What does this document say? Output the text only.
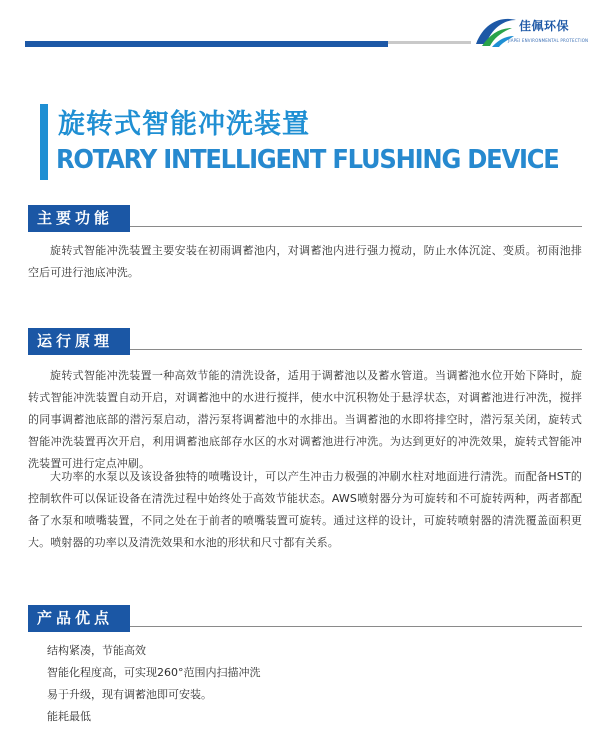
佳佩环保
JIAPEI ENVIRONMENTAL PROTECTION
旋转式智能冲洗装置
ROTARY INTELLIGENT FLUSHING DEVICE
主要功能
旋转式智能冲洗装置主要安装在初雨调蓄池内，对调蓄池内进行强力搅动，防止水体沉淀、变质。初雨池排空后可进行池底冲洗。
运行原理
旋转式智能冲洗装置一种高效节能的清洗设备，适用于调蓄池以及蓄水管道。当调蓄池水位开始下降时，旋转式智能冲洗装置自动开启，对调蓄池中的水进行搅拌，使水中沉积物处于悬浮状态，对调蓄池进行冲洗，搅拌的同事调蓄池底部的潜污泵启动，潜污泵将调蓄池中的水排出。当调蓄池的水即将排空时，潜污泵关闭，旋转式智能冲洗装置再次开启，利用调蓄池底部存水区的水对调蓄池进行冲洗。为达到更好的冲洗效果，旋转式智能冲洗装置可进行定点冲刷。
大功率的水泵以及该设备独特的喷嘴设计，可以产生冲击力极强的冲刷水柱对地面进行清洗。而配备HST的控制软件可以保证设备在清洗过程中始终处于高效节能状态。AWS喷射器分为可旋转和不可旋转两种，两者都配备了水泵和喷嘴装置，不同之处在于前者的喷嘴装置可旋转。通过这样的设计，可旋转喷射器的清洗覆盖面积更大。喷射器的功率以及清洗效果和水池的形状和尺寸都有关系。
产品优点
结构紧凑，节能高效
智能化程度高，可实现260°范围内扫描冲洗
易于升级，现有调蓄池即可安装。
能耗最低
